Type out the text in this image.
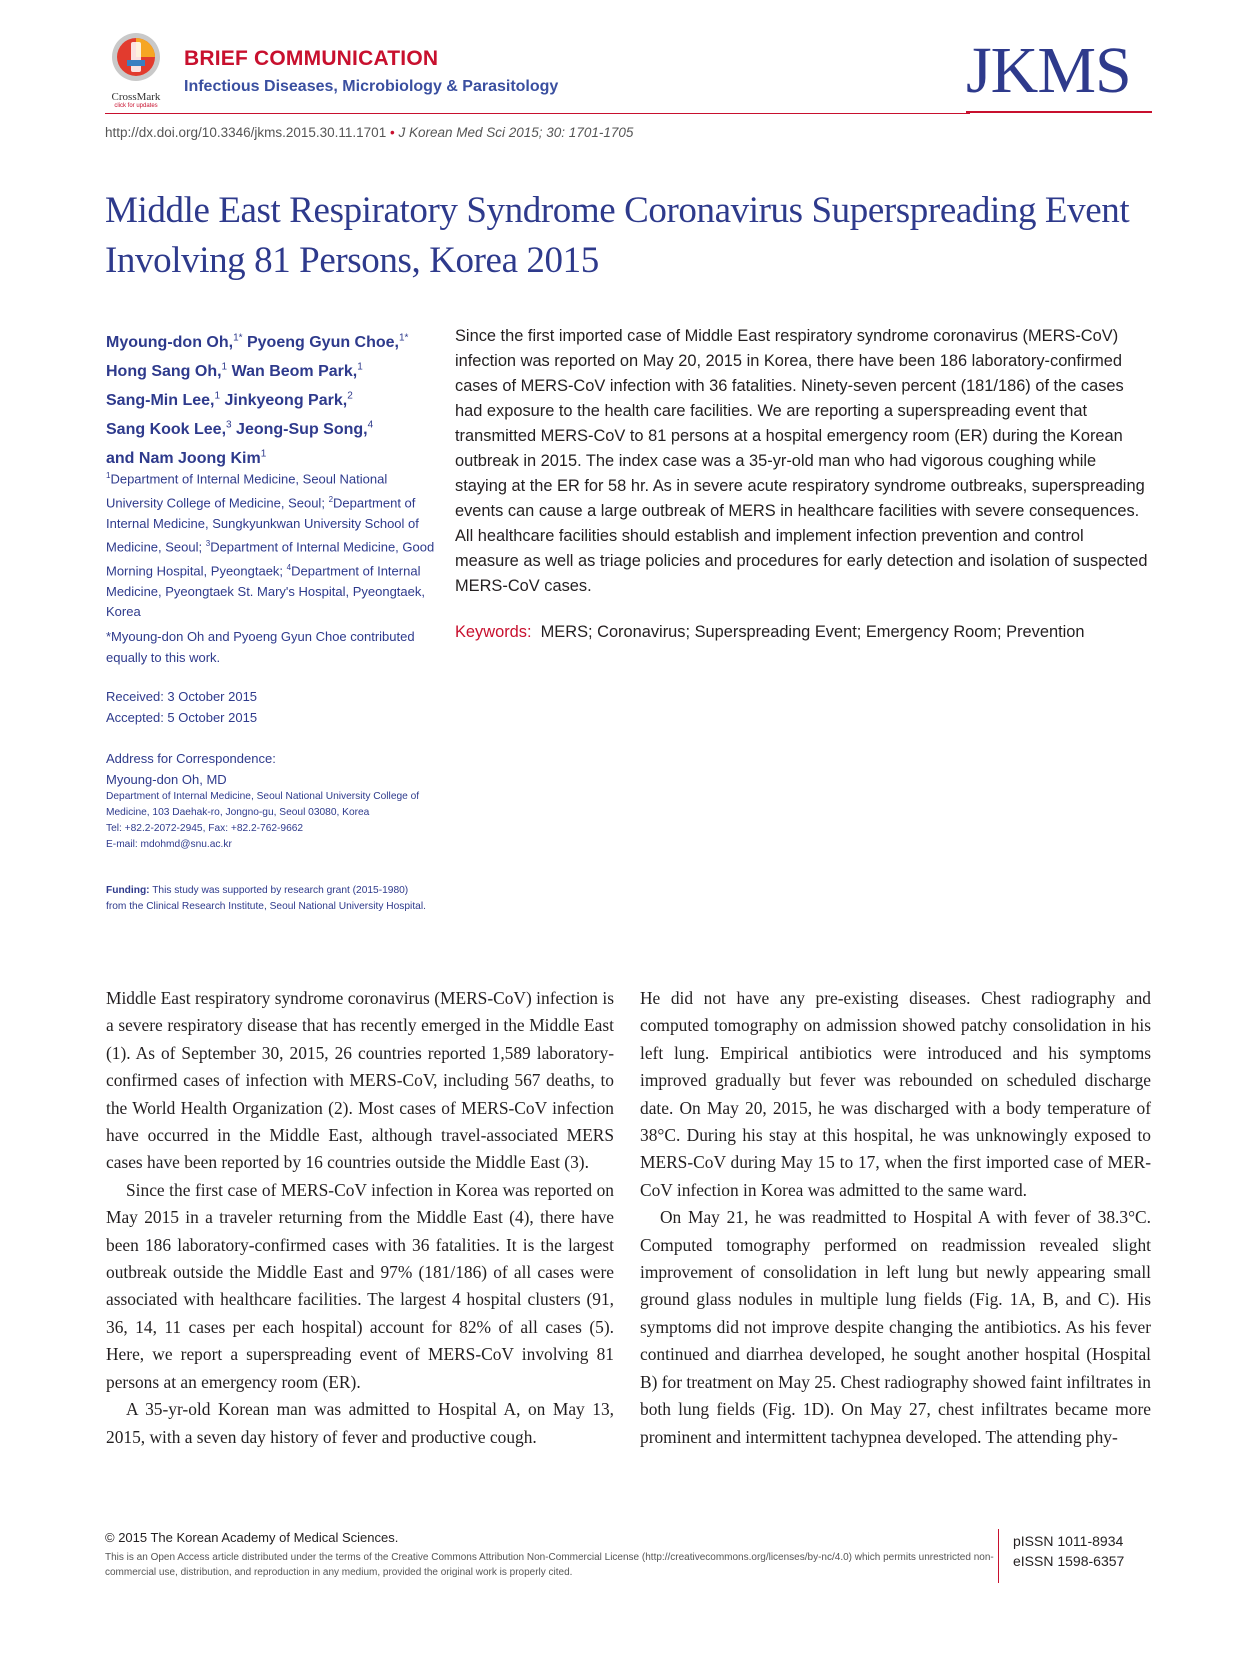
CrossMark
click for updates
BRIEF COMMUNICATION
Infectious Diseases, Microbiology & Parasitology	JKMS
http://dx.doi.org/10.3346/jkms.2015.30.11.1701 • J Korean Med Sci 2015; 30: 1701-1705
Middle East Respiratory Syndrome Coronavirus Superspreading Event Involving 81 Persons, Korea 2015
Myoung-don Oh,$^{1*}$ Pyoeng Gyun Choe,$^{1*}$
Hong Sang Oh,$^1$ Wan Beom Park,$^1$
Sang-Min Lee,$^1$ Jinkyeong Park,$^2$
Sang Kook Lee,$^3$ Jeong-Sup Song,$^4$
and Nam Joong Kim$^1$
$^1$Department of Internal Medicine, Seoul National University College of Medicine, Seoul; $^2$Department of Internal Medicine, Sungkyunkwan University School of Medicine, Seoul; $^3$Department of Internal Medicine, Good Morning Hospital, Pyeongtaek; $^4$Department of Internal Medicine, Pyeongtaek St. Mary's Hospital, Pyeongtaek, Korea
*Myoung-don Oh and Pyoeng Gyun Choe contributed equally to this work.
Received: 3 October 2015
Accepted: 5 October 2015
Address for Correspondence:
Myoung-don Oh, MD
Department of Internal Medicine, Seoul National University College of Medicine, 103 Daehak-ro, Jongno-gu, Seoul 03080, Korea
Tel: +82.2-2072-2945, Fax: +82.2-762-9662
E-mail: mdohmd@snu.ac.kr
Funding: This study was supported by research grant (2015-1980) from the Clinical Research Institute, Seoul National University Hospital.
Since the first imported case of Middle East respiratory syndrome coronavirus (MERS-CoV) infection was reported on May 20, 2015 in Korea, there have been 186 laboratory-confirmed cases of MERS-CoV infection with 36 fatalities. Ninety-seven percent (181/186) of the cases had exposure to the health care facilities. We are reporting a superspreading event that transmitted MERS-CoV to 81 persons at a hospital emergency room (ER) during the Korean outbreak in 2015. The index case was a 35-yr-old man who had vigorous coughing while staying at the ER for 58 hr. As in severe acute respiratory syndrome outbreaks, superspreading events can cause a large outbreak of MERS in healthcare facilities with severe consequences. All healthcare facilities should establish and implement infection prevention and control measure as well as triage policies and procedures for early detection and isolation of suspected MERS-CoV cases.
Keywords: MERS; Coronavirus; Superspreading Event; Emergency Room; Prevention

Middle East respiratory syndrome coronavirus (MERS-CoV) infection is a severe respiratory disease that has recently emerged in the Middle East (1). As of September 30, 2015, 26 countries reported 1,589 laboratory-confirmed cases of infection with MERS-CoV, including 567 deaths, to the World Health Organization (2). Most cases of MERS-CoV infection have occurred in the Middle East, although travel-associated MERS cases have been reported by 16 countries outside the Middle East (3).

Since the first case of MERS-CoV infection in Korea was reported on May 2015 in a traveler returning from the Middle East (4), there have been 186 laboratory-confirmed cases with 36 fatalities. It is the largest outbreak outside the Middle East and 97% (181/186) of all cases were associated with healthcare facilities. The largest 4 hospital clusters (91, 36, 14, 11 cases per each hospital) account for 82% of all cases (5). Here, we report a superspreading event of MERS-CoV involving 81 persons at an emergency room (ER).

A 35-yr-old Korean man was admitted to Hospital A, on May 13, 2015, with a seven day history of fever and productive cough.

He did not have any pre-existing diseases. Chest radiography and computed tomography on admission showed patchy consolidation in his left lung. Empirical antibiotics were introduced and his symptoms improved gradually but fever was rebounded on scheduled discharge date. On May 20, 2015, he was discharged with a body temperature of 38°C. During his stay at this hospital, he was unknowingly exposed to MERS-CoV during May 15 to 17, when the first imported case of MER-CoV infection in Korea was admitted to the same ward.

On May 21, he was readmitted to Hospital A with fever of 38.3°C. Computed tomography performed on readmission revealed slight improvement of consolidation in left lung but newly appearing small ground glass nodules in multiple lung fields (Fig. 1A, B, and C). His symptoms did not improve despite changing the antibiotics. As his fever continued and diarrhea developed, he sought another hospital (Hospital B) for treatment on May 25. Chest radiography showed faint infiltrates in both lung fields (Fig. 1D). On May 27, chest infiltrates became more prominent and intermittent tachypnea developed. The attending phy-

© 2015 The Korean Academy of Medical Sciences.
This is an Open Access article distributed under the terms of the Creative Commons Attribution Non-Commercial License (http://creativecommons.org/licenses/by-nc/4.0) which permits unrestricted non-commercial use, distribution, and reproduction in any medium, provided the original work is properly cited.
pISSN 1011-8934
eISSN 1598-6357
